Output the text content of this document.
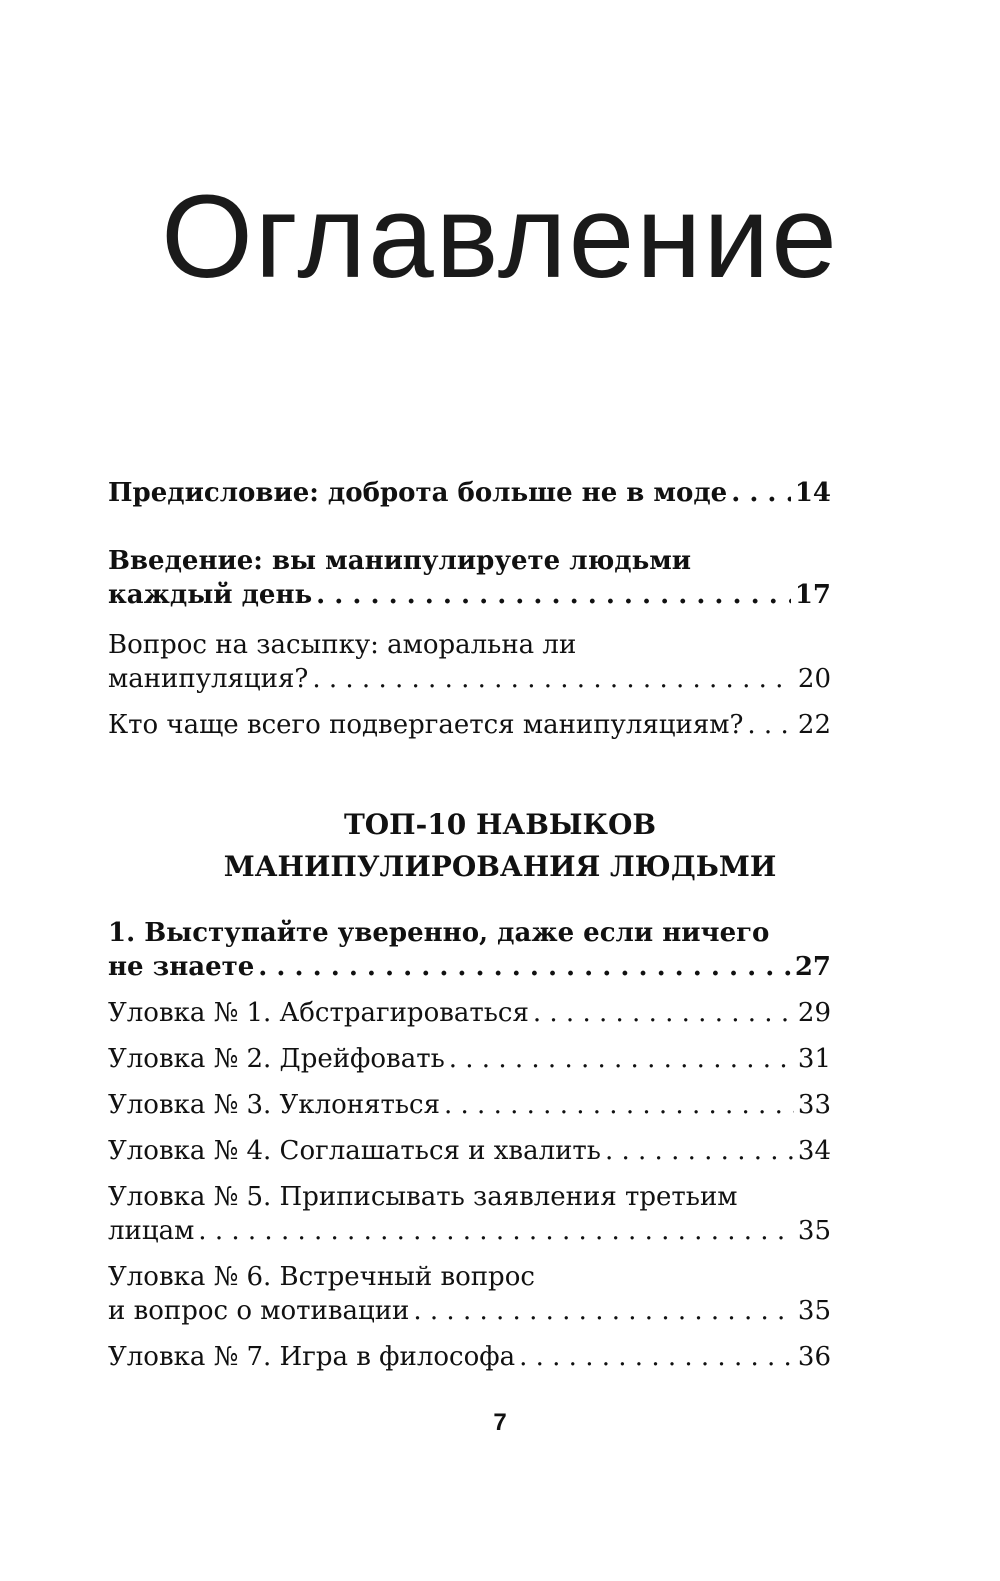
Оглавление
Предисловие: доброта больше не в моде . . .	14
Введение: вы манипулируете людьми
каждый день . . .	17
Вопрос на засыпку: аморальна ли
манипуляция? . . .	20
Кто чаще всего подвергается манипуляциям? . . . 22
ТОП-10 НАВЫКОВ
МАНИПУЛИРОВАНИЯ ЛЮДЬМИ
1. Выступайте уверенно, даже если ничего
не знаете . . .	27
Уловка № 1. Абстрагироваться . . .	29
Уловка № 2. Дрейфовать . . .	31
Уловка № 3. Уклоняться . . .	33
Уловка № 4. Соглашаться и хвалить . . .	34
Уловка № 5. Приписывать заявления третьим
лицам . . .	35
Уловка № 6. Встречный вопрос
и вопрос о мотивации . . .	35
Уловка № 7. Игра в философа . . .	36
7
